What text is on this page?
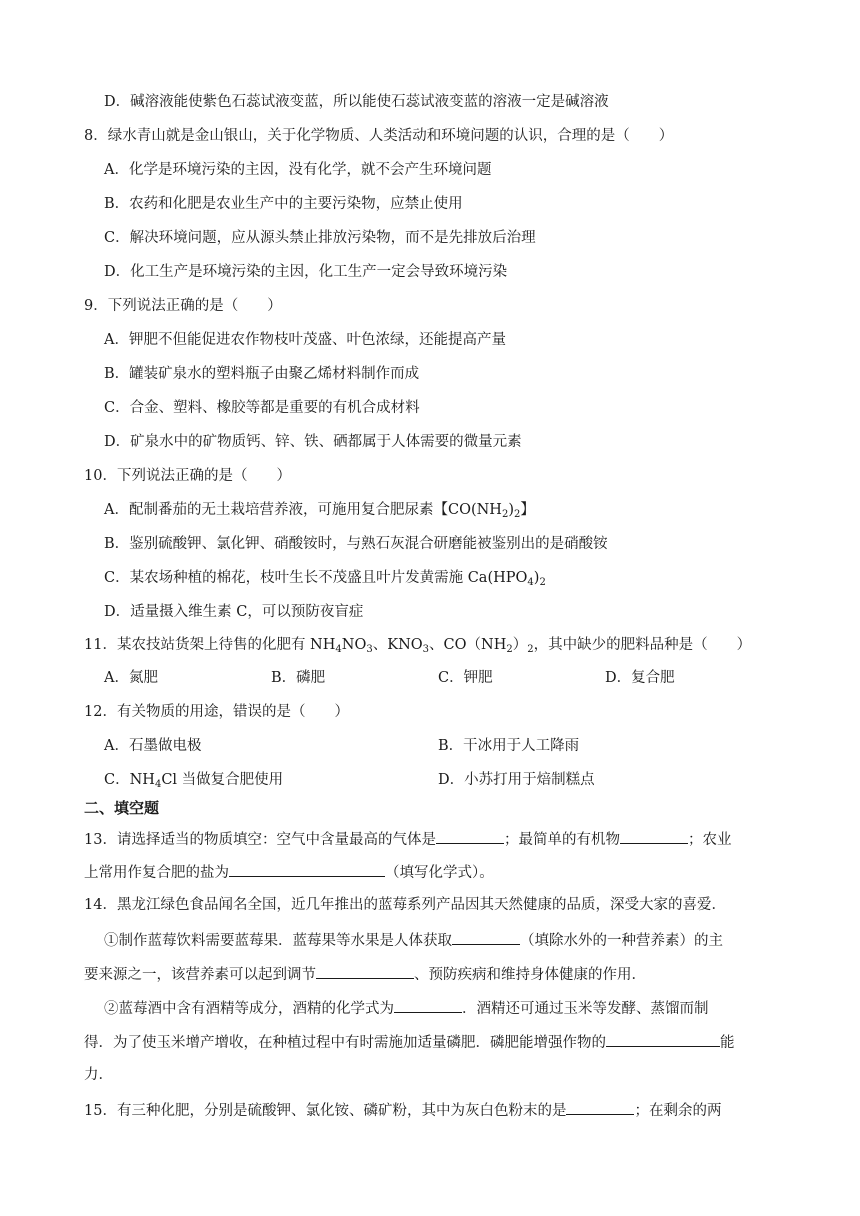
D．碱溶液能使紫色石蕊试液变蓝，所以能使石蕊试液变蓝的溶液一定是碱溶液
8．绿水青山就是金山银山，关于化学物质、人类活动和环境问题的认识，合理的是（　　）
A．化学是环境污染的主因，没有化学，就不会产生环境问题
B．农药和化肥是农业生产中的主要污染物，应禁止使用
C．解决环境问题，应从源头禁止排放污染物，而不是先排放后治理
D．化工生产是环境污染的主因，化工生产一定会导致环境污染
9．下列说法正确的是（　　）
A．钾肥不但能促进农作物枝叶茂盛、叶色浓绿，还能提高产量
B．罐装矿泉水的塑料瓶子由聚乙烯材料制作而成
C．合金、塑料、橡胶等都是重要的有机合成材料
D．矿泉水中的矿物质钙、锌、铁、硒都属于人体需要的微量元素
10．下列说法正确的是（　　）
A．配制番茄的无土栽培营养液，可施用复合肥尿素【$CO(NH_2)_2$】
B．鉴别硫酸钾、氯化钾、硝酸铵时，与熟石灰混合研磨能被鉴别出的是硝酸铵
C．某农场种植的棉花，枝叶生长不茂盛且叶片发黄需施 $Ca(HPO_4)_2$
D．适量摄入维生素 C，可以预防夜盲症
11．某农技站货架上待售的化肥有 $NH_4NO_3$、$KNO_3$、$CO(NH_2)_2$，其中缺少的肥料品种是（　　）
A．氮肥	B．磷肥	C．钾肥	D．复合肥
12．有关物质的用途，错误的是（　　）
A．石墨做电极	B．干冰用于人工降雨
C．$NH_4Cl$ 当做复合肥使用	D．小苏打用于焙制糕点
二、填空题
13．请选择适当的物质填空：空气中含量最高的气体是	；最简单的有机物	；农业
上常用作复合肥的盐为	（填写化学式）。
14．黑龙江绿色食品闻名全国，近几年推出的蓝莓系列产品因其天然健康的品质，深受大家的喜爱．
①制作蓝莓饮料需要蓝莓果．蓝莓果等水果是人体获取	（填除水外的一种营养素）的主
要来源之一，该营养素可以起到调节	、预防疾病和维持身体健康的作用．
②蓝莓酒中含有酒精等成分，酒精的化学式为	．酒精还可通过玉米等发酵、蒸馏而制
得．为了使玉米增产增收，在种植过程中有时需施加适量磷肥．磷肥能增强作物的	能
力．
15．有三种化肥，分别是硫酸钾、氯化铵、磷矿粉，其中为灰白色粉末的是	；在剩余的两
